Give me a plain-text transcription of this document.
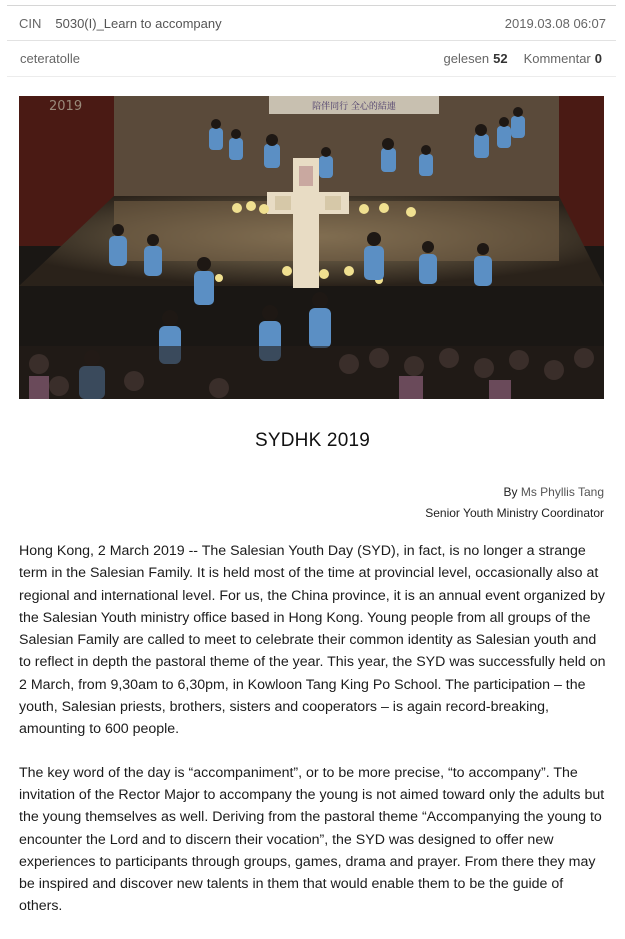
CIN 5030(I)_Learn to accompany	2019.03.08 06:07
ceteratolle	gelesen 52 Kommentar 0
陪伴同行 全心的結連
2019
SYDHK 2019
By Ms Phyllis Tang
Senior Youth Ministry Coordinator

Hong Kong, 2 March 2019 -- The Salesian Youth Day (SYD), in fact, is no longer a strange term in the Salesian Family. It is held most of the time at provincial level, occasionally also at regional and international level. For us, the China province, it is an annual event organized by the Salesian Youth ministry office based in Hong Kong. Young people from all groups of the Salesian Family are called to meet to celebrate their common identity as Salesian youth and to reflect in depth the pastoral theme of the year. This year, the SYD was successfully held on 2 March, from 9,30am to 6,30pm, in Kowloon Tang King Po School. The participation – the youth, Salesian priests, brothers, sisters and cooperators – is again record-breaking, amounting to 600 people.

The key word of the day is “accompaniment”, or to be more precise, “to accompany”. The invitation of the Rector Major to accompany the young is not aimed toward only the adults but the young themselves as well. Deriving from the pastoral theme “Accompanying the young to encounter the Lord and to discern their vocation”, the SYD was designed to offer new experiences to participants through groups, games, drama and prayer. From there they may be inspired and discover new talents in them that would enable them to be the guide of others.
